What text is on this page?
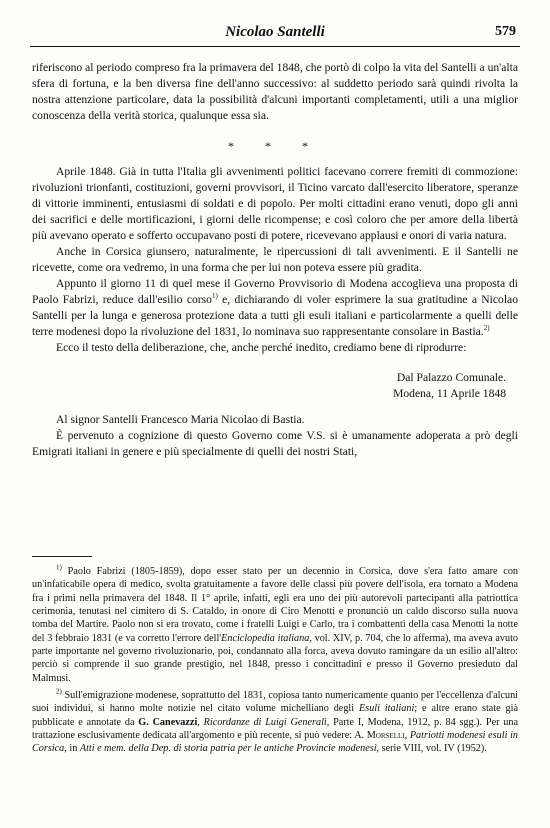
Nicolao Santelli	579

riferiscono al periodo compreso fra la primavera del 1848, che portò di colpo la vita del Santelli a un'alta sfera di fortuna, e la ben diversa fine dell'anno successivo: al suddetto periodo sarà quindi rivolta la nostra attenzione particolare, data la possibilità d'alcuni importanti completamenti, utili a una miglior conoscenza della verità storica, qualunque essa sia.

* * *

Aprile 1848. Già in tutta l'Italia gli avvenimenti politici facevano correre fremiti di commozione: rivoluzioni trionfanti, costituzioni, governi provvisori, il Ticino varcato dall'esercito liberatore, speranze di vittorie imminenti, entusiasmi di soldati e di popolo. Per molti cittadini erano venuti, dopo gli anni dei sacrifici e delle mortificazioni, i giorni delle ricompense; e così coloro che per amore della libertà più avevano operato e sofferto occupavano posti di potere, ricevevano applausi e onori di varia natura.

Anche in Corsica giunsero, naturalmente, le ripercussioni di tali avvenimenti. E il Santelli ne ricevette, come ora vedremo, in una forma che per lui non poteva essere più gradita.

Appunto il giorno 11 di quel mese il Governo Provvisorio di Modena accoglieva una proposta di Paolo Fabrizi, reduce dall'esilio corso$^{1)}$ e, dichiarando di voler esprimere la sua gratitudine a Nicolao Santelli per la lunga e generosa protezione data a tutti gli esuli italiani e particolarmente a quelli delle terre modenesi dopo la rivoluzione del 1831, lo nominava suo rappresentante consolare in Bastia.$^{2)}$

Ecco il testo della deliberazione, che, anche perché inedito, crediamo bene di riprodurre:

Dal Palazzo Comunale.
Modena, 11 Aprile 1848

Al signor Santelli Francesco Maria Nicolao di Bastia.

È pervenuto a cognizione di questo Governo come V.S. si è umanamente adoperata a prò degli Emigrati italiani in genere e più specialmente di quelli dei nostri Stati,

$^{1)}$ Paolo Fabrizi (1805-1859), dopo esser stato per un decennio in Corsica, dove s'era fatto amare con un'infaticabile opera di medico, svolta gratuitamente a favore delle classi più povere dell'isola, era tornato a Modena fra i primi nella primavera del 1848. Il 1° aprile, infatti, egli era uno dei più autorevoli partecipanti alla patriottica cerimonia, tenutasi nel cimitero di S. Cataldo, in onore di Ciro Menotti e pronunciò un caldo discorso sulla nuova tomba del Martire. Paolo non si era trovato, come i fratelli Luigi e Carlo, tra i combattenti della casa Menotti la notte del 3 febbraio 1831 (e va corretto l'errore dell'Enciclopedia italiana, vol. XIV, p. 704, che lo afferma), ma aveva avuto parte importante nel governo rivoluzionario, poi, condannato alla forca, aveva dovuto ramingare da un esilio all'altro: perciò si comprende il suo grande prestigio, nel 1848, presso i concittadini e presso il Governo presieduto dal Malmusi.

$^{2)}$ Sull'emigrazione modenese, soprattutto del 1831, copiosa tanto numericamente quanto per l'eccellenza d'alcuni suoi individui, si hanno molte notizie nel citato volume michelliano degli Esuli italiani; e altre erano state già pubblicate e annotate da G. Canevazzi, Ricordanze di Luigi Generali, Parte I, Modena, 1912, p. 84 sgg.). Per una trattazione esclusivamente dedicata all'argomento e più recente, si può vedere: A. Morselli, Patriotti modenesi esuli in Corsica, in Atti e mem. della Dep. di storia patria per le antiche Provincie modenesi, serie VIII, vol. IV (1952).
